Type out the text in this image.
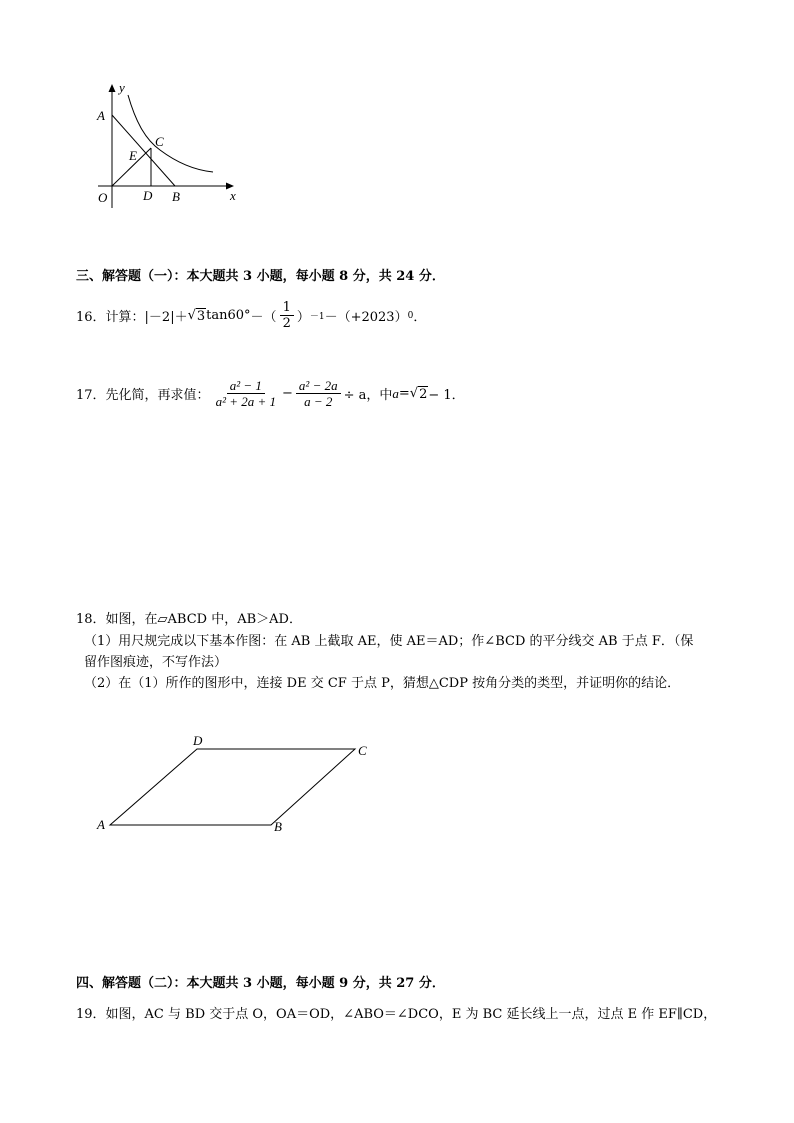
y
x
A
C
E
O	D B
三、解答题（一）：本大题共 3 小题，每小题 8 分，共 24 分．
16． 计算：|－2|＋ √ 3 tan60° －（ $\frac{1}{2}$ ） －1 －（+2023） 0 ．
17． 先化简，再求值： $\frac{\text{a² − 1}}{\text{a² + 2a + 1}} - \frac{\text{a² − 2a}}{a - 2} \div a$，中 a = √ 2 − 1．
18．如图，在▱ABCD 中，AB＞AD．
（1）用尺规完成以下基本作图：在 AB 上截取 AE，使 AE＝AD；作∠BCD 的平分线交 AB 于点 F．（保
留作图痕迹，不写作法）
（2）在（1）所作的图形中，连接 DE 交 CF 于点 P，猜想△CDP 按角分类的类型，并证明你的结论．
D
C
A	B
四、解答题（二）：本大题共 3 小题，每小题 9 分，共 27 分．
19．如图，AC 与 BD 交于点 O，OA＝OD，∠ABO＝∠DCO，E 为 BC 延长线上一点，过点 E 作 EF∥CD，
